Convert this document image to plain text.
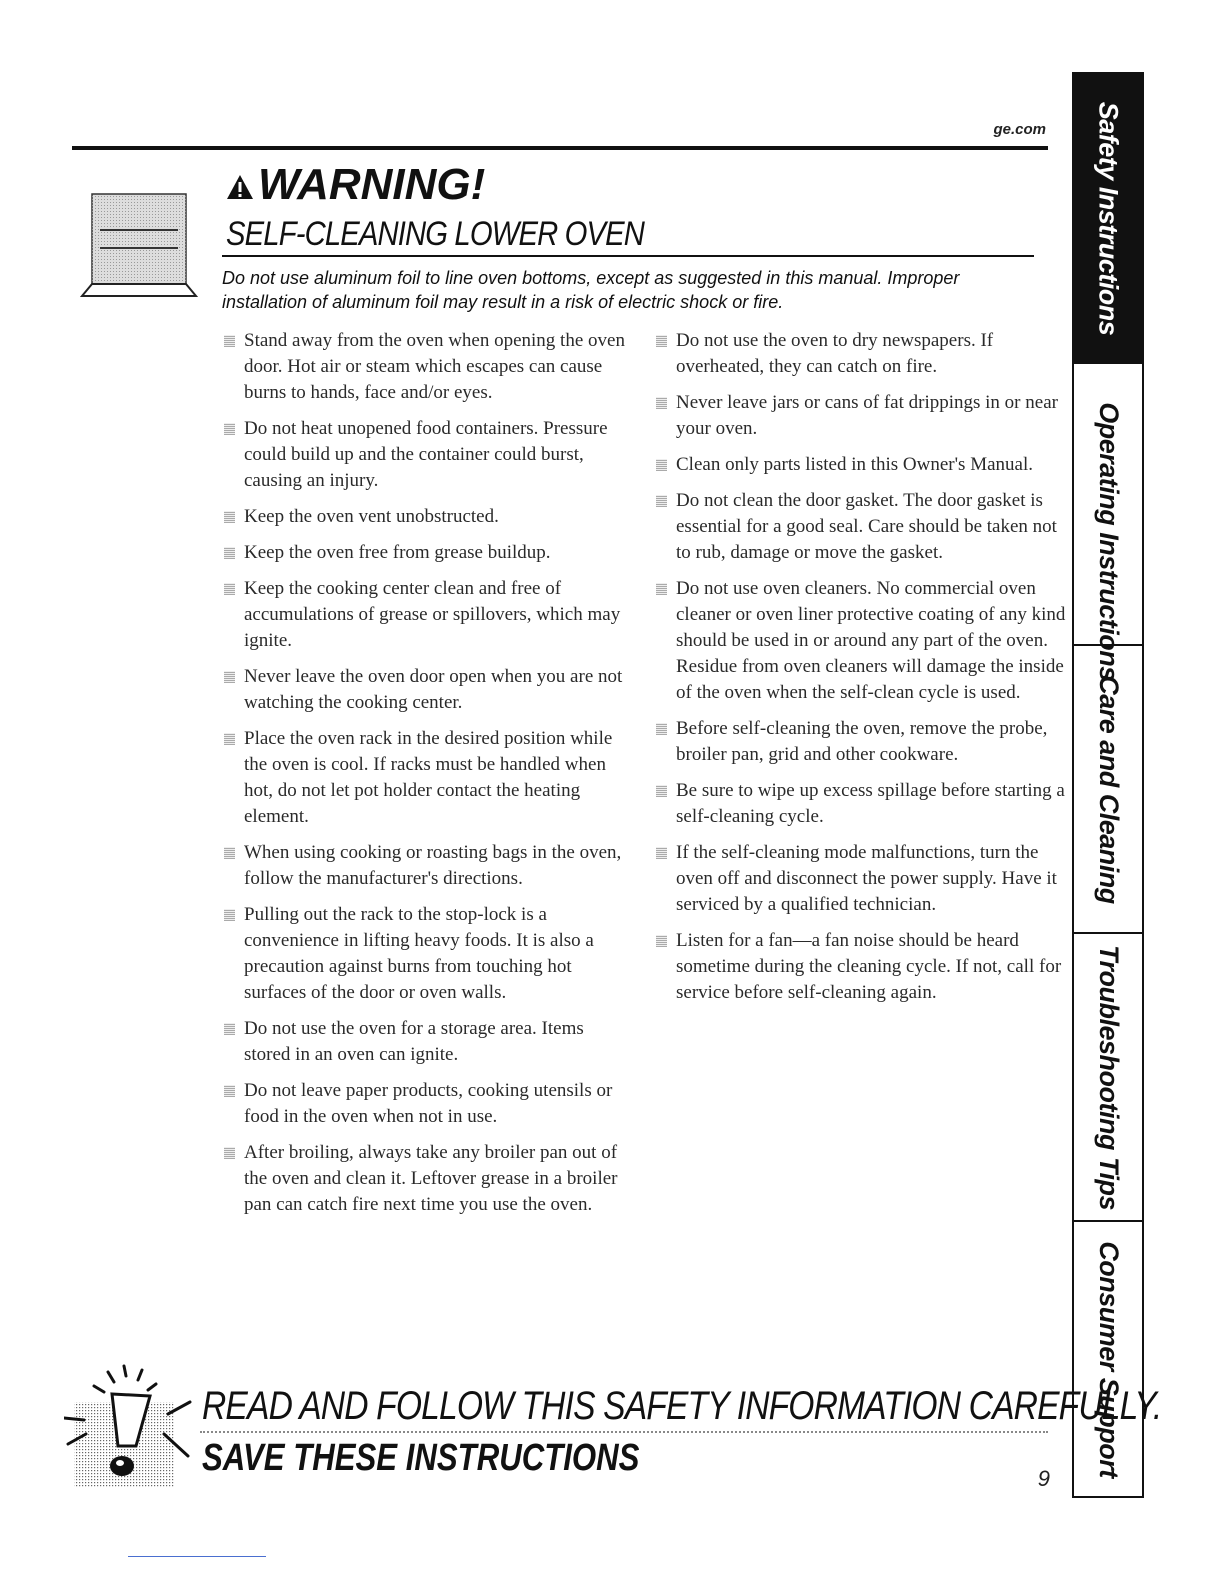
ge.com
WARNING!
SELF-CLEANING LOWER OVEN
Do not use aluminum foil to line oven bottoms, except as suggested in this manual. Improper installation of aluminum foil may result in a risk of electric shock or fire.
Stand away from the oven when opening the oven door. Hot air or steam which escapes can cause burns to hands, face and/or eyes.
Do not heat unopened food containers. Pressure could build up and the container could burst, causing an injury.
Keep the oven vent unobstructed.
Keep the oven free from grease buildup.
Keep the cooking center clean and free of accumulations of grease or spillovers, which may ignite.
Never leave the oven door open when you are not watching the cooking center.
Place the oven rack in the desired position while the oven is cool. If racks must be handled when hot, do not let pot holder contact the heating element.
When using cooking or roasting bags in the oven, follow the manufacturer's directions.
Pulling out the rack to the stop-lock is a convenience in lifting heavy foods. It is also a precaution against burns from touching hot surfaces of the door or oven walls.
Do not use the oven for a storage area. Items stored in an oven can ignite.
Do not leave paper products, cooking utensils or food in the oven when not in use.
After broiling, always take any broiler pan out of the oven and clean it. Leftover grease in a broiler pan can catch fire next time you use the oven.
Do not use the oven to dry newspapers. If overheated, they can catch on fire.
Never leave jars or cans of fat drippings in or near your oven.
Clean only parts listed in this Owner's Manual.
Do not clean the door gasket. The door gasket is essential for a good seal. Care should be taken not to rub, damage or move the gasket.
Do not use oven cleaners. No commercial oven cleaner or oven liner protective coating of any kind should be used in or around any part of the oven. Residue from oven cleaners will damage the inside of the oven when the self-clean cycle is used.
Before self-cleaning the oven, remove the probe, broiler pan, grid and other cookware.
Be sure to wipe up excess spillage before starting a self-cleaning cycle.
If the self-cleaning mode malfunctions, turn the oven off and disconnect the power supply. Have it serviced by a qualified technician.
Listen for a fan—a fan noise should be heard sometime during the cleaning cycle. If not, call for service before self-cleaning again.
Safety Instructions
Operating Instructions
Care and Cleaning
Troubleshooting Tips
Consumer Support
READ AND FOLLOW THIS SAFETY INFORMATION CAREFULLY.
SAVE THESE INSTRUCTIONS	9
